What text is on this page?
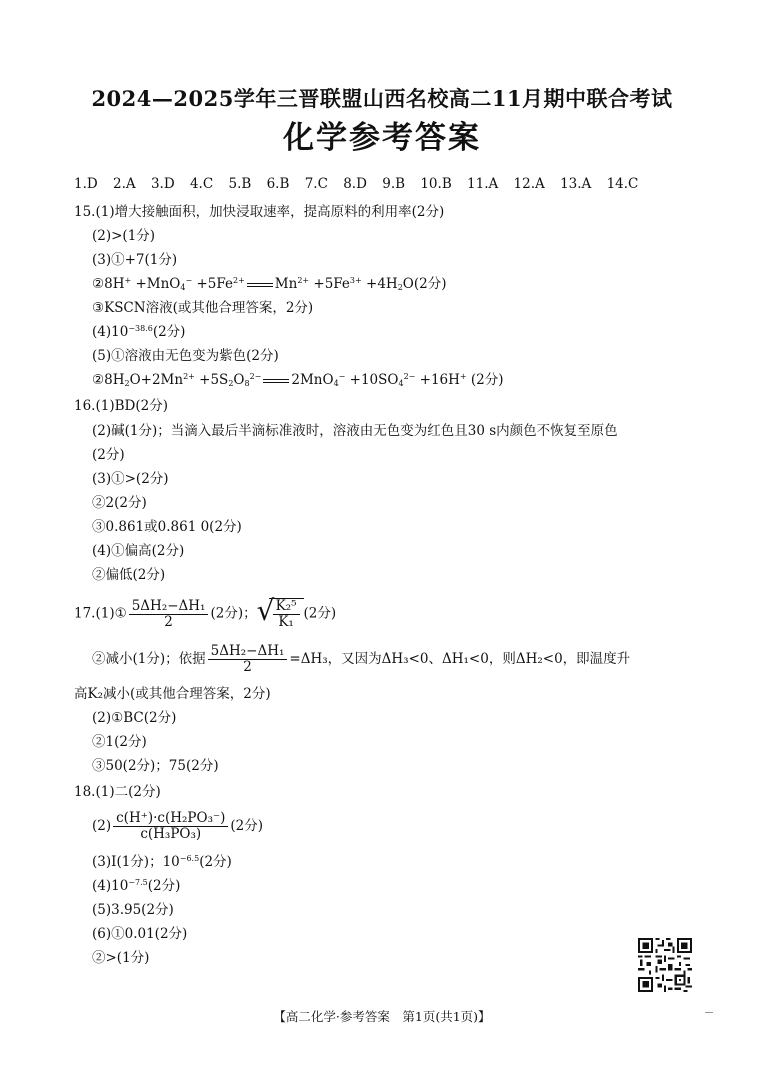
2024—2025学年三晋联盟山西名校高二11月期中联合考试
化学参考答案
1.D 2.A 3.D 4.C 5.B 6.B 7.C 8.D 9.B 10.B 11.A 12.A 13.A 14.C
15.(1)增大接触面积，加快浸取速率，提高原料的利用率(2分)
(2)>(1分)
(3)①+7(1分)
②8H+ $+MnO_4^- +5Fe^{2+}$ $Mn^{2+} +5Fe^{3+} +4H_2O(2$分)
③KSCN溶液(或其他合理答案，2分)
$(4)10^{-38.6}(2$分)
(5)①溶液由无色变为紫色(2分)
$②8H_2O+2Mn^{2+} +5S_2O_8^{2-}$ $2MnO_4^- +10SO_4^{2-} +16H^+$ (2分)
16.(1)BD(2分)
(2)碱(1分)；当滴入最后半滴标准液时，溶液由无色变为红色且30 s内颜色不恢复至原色
(2分)
(3)①>(2分)
②2(2分)
③0.861或0.861 0(2分)
(4)①偏高(2分)
②偏低(2分)
17.(1)① $\frac{\text{5ΔH₂−ΔH₁}}{2} (2$分)； √
$\frac{\text{K₂⁵}}{\text{K₁}} (2$分)
②减小(1分)；依据 $\frac{\text{5ΔH₂−ΔH₁}}{2} =\Delta H_3$，又因为ΔH₃<0、ΔH₁<0，则ΔH₂<0，即温度升
高K₂减小(或其他合理答案，2分)
(2)①BC(2分)
②1(2分)
③50(2分)；75(2分)
18.(1)二(2分)
$(2) \frac{\text{c(H⁺)·c(H₂PO₃⁻)}}{\text{c(H₃PO₃)}} (2$分)
(3)Ⅰ(1分)；$10^{-6.5}(2$分)
$(4)10^{-7.5}(2$分)
(5)3.95(2分)
(6)①0.01(2分)
②>(1分)
【高二化学·参考答案　第1页(共1页)】
